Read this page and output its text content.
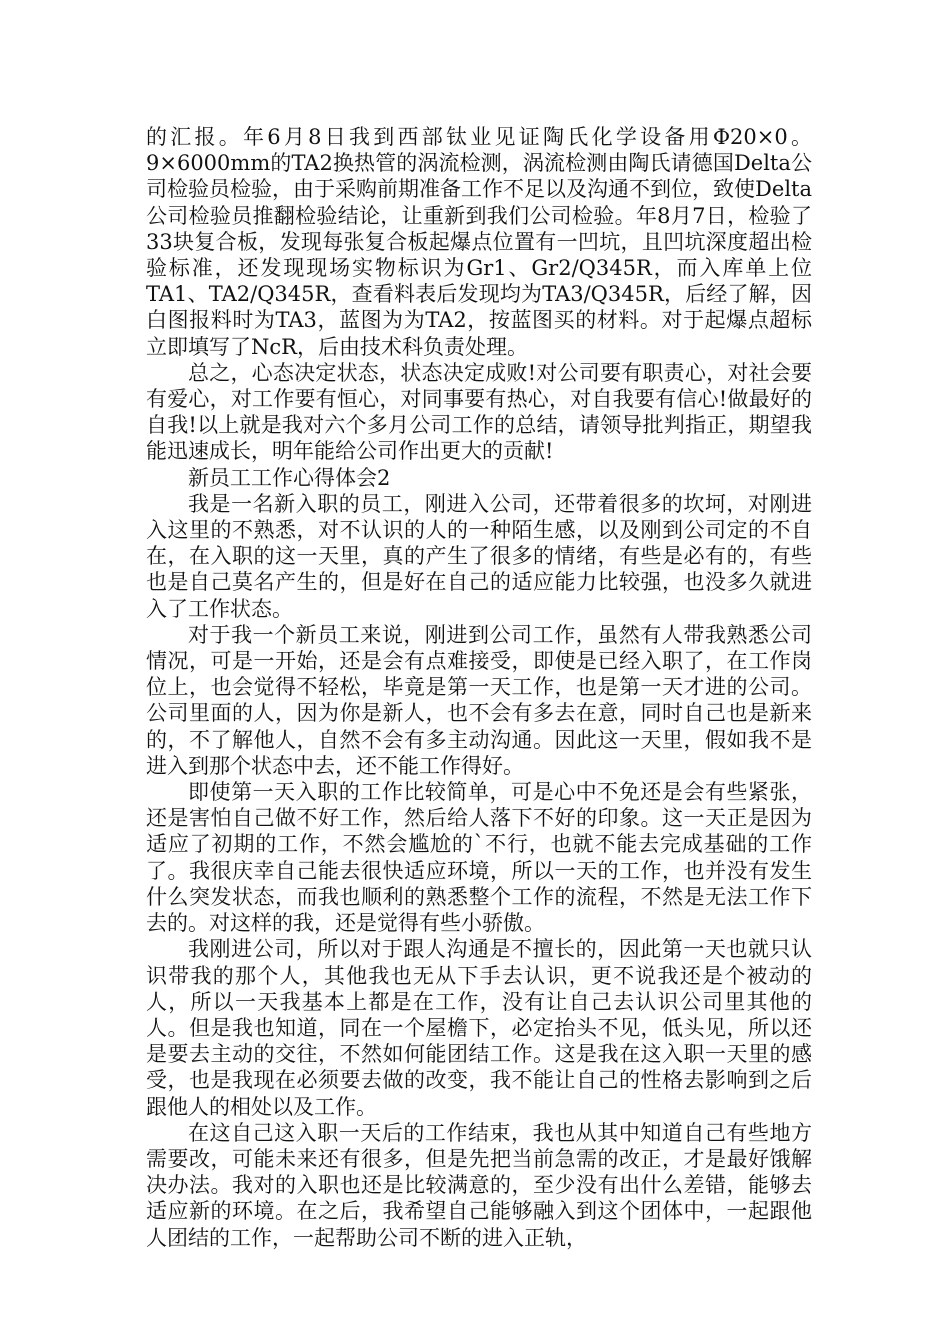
的汇报。年6月8日我到西部钛业见证陶氏化学设备用Φ20×0。9×6000mm的TA2换热管的涡流检测，涡流检测由陶氏请德国Delta公司检验员检验，由于采购前期准备工作不足以及沟通不到位，致使Delta公司检验员推翻检验结论，让重新到我们公司检验。年8月7日，检验了33块复合板，发现每张复合板起爆点位置有一凹坑，且凹坑深度超出检验标准，还发现现场实物标识为Gr1、Gr2/Q345R，而入库单上位TA1、TA2/Q345R，查看料表后发现均为TA3/Q345R，后经了解，因白图报料时为TA3，蓝图为为TA2，按蓝图买的材料。对于起爆点超标立即填写了NcR，后由技术科负责处理。

总之，心态决定状态，状态决定成败!对公司要有职责心，对社会要有爱心，对工作要有恒心，对同事要有热心，对自我要有信心!做最好的自我!以上就是我对六个多月公司工作的总结，请领导批判指正，期望我能迅速成长，明年能给公司作出更大的贡献!

新员工工作心得体会2

我是一名新入职的员工，刚进入公司，还带着很多的坎坷，对刚进入这里的不熟悉，对不认识的人的一种陌生感，以及刚到公司定的不自在，在入职的这一天里，真的产生了很多的情绪，有些是必有的，有些也是自己莫名产生的，但是好在自己的适应能力比较强，也没多久就进入了工作状态。

对于我一个新员工来说，刚进到公司工作，虽然有人带我熟悉公司情况，可是一开始，还是会有点难接受，即使是已经入职了，在工作岗位上，也会觉得不轻松，毕竟是第一天工作，也是第一天才进的公司。公司里面的人，因为你是新人，也不会有多去在意，同时自己也是新来的，不了解他人，自然不会有多主动沟通。因此这一天里，假如我不是进入到那个状态中去，还不能工作得好。

即使第一天入职的工作比较简单，可是心中不免还是会有些紧张，还是害怕自己做不好工作，然后给人落下不好的印象。这一天正是因为适应了初期的工作，不然会尴尬的`不行，也就不能去完成基础的工作了。我很庆幸自己能去很快适应环境，所以一天的工作，也并没有发生什么突发状态，而我也顺利的熟悉整个工作的流程，不然是无法工作下去的。对这样的我，还是觉得有些小骄傲。

我刚进公司，所以对于跟人沟通是不擅长的，因此第一天也就只认识带我的那个人，其他我也无从下手去认识，更不说我还是个被动的人，所以一天我基本上都是在工作，没有让自己去认识公司里其他的人。但是我也知道，同在一个屋檐下，必定抬头不见，低头见，所以还是要去主动的交往，不然如何能团结工作。这是我在这入职一天里的感受，也是我现在必须要去做的改变，我不能让自己的性格去影响到之后跟他人的相处以及工作。

在这自己这入职一天后的工作结束，我也从其中知道自己有些地方需要改，可能未来还有很多，但是先把当前急需的改正，才是最好饿解决办法。我对的入职也还是比较满意的，至少没有出什么差错，能够去适应新的环境。在之后，我希望自己能够融入到这个团体中，一起跟他人团结的工作，一起帮助公司不断的进入正轨，
